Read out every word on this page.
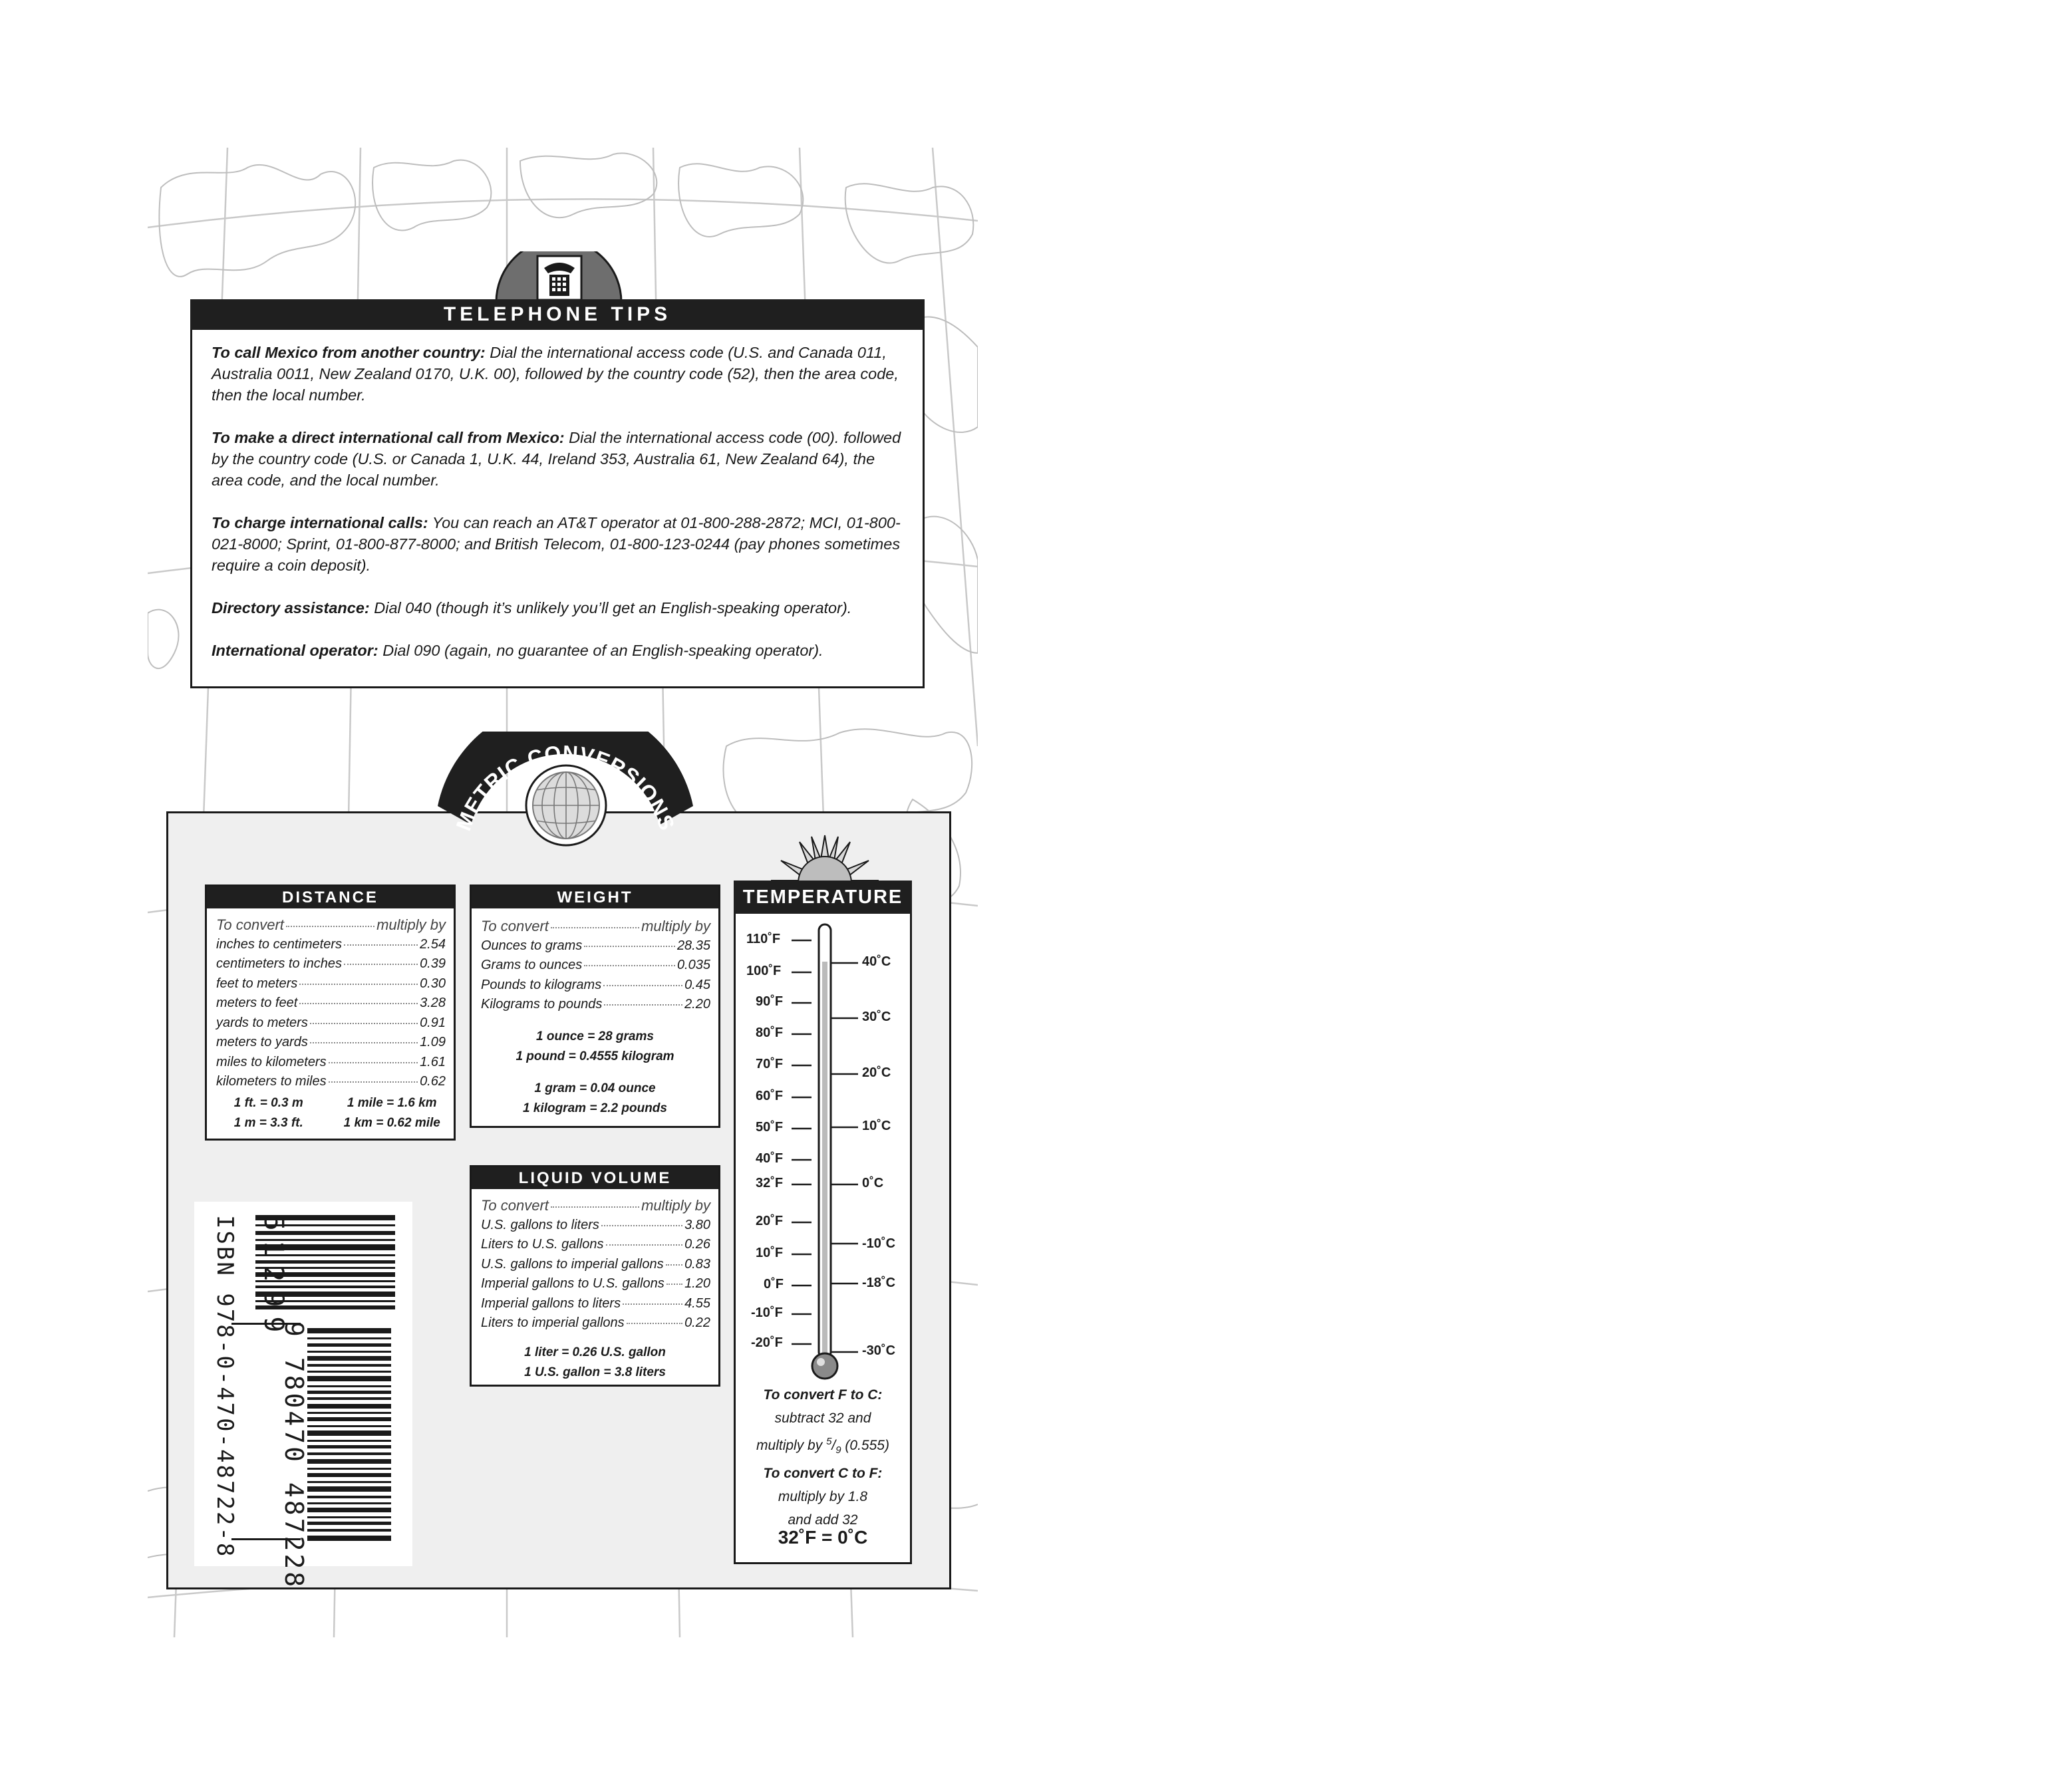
TELEPHONE TIPS

To call Mexico from another country: Dial the international access code (U.S. and Canada 011, Australia 0011, New Zealand 0170, U.K. 00), followed by the country code (52), then the area code, then the local number.

To make a direct international call from Mexico: Dial the international access code (00). followed by the country code (U.S. or Canada 1, U.K. 44, Ireland 353, Australia 61, New Zealand 64), the area code, and the local number.

To charge international calls: You can reach an AT&T operator at 01-800-288-2872; MCI, 01-800-021-8000; Sprint, 01-800-877-8000; and British Telecom, 01-800-123-0244 (pay phones sometimes require a coin deposit).

Directory assistance: Dial 040 (though it’s unlikely you’ll get an English-speaking operator).

International operator: Dial 090 (again, no guarantee of an English-speaking operator).

METRIC CONVERSIONS
DISTANCE
To convert	multiply by
inches to centimeters	2.54
centimeters to inches	0.39
feet to meters	0.30
meters to feet	3.28
yards to meters	0.91
meters to yards	1.09
miles to kilometers	1.61
kilometers to miles	0.62
1 ft. = 0.3 m	1 mile = 1.6 km
1 m = 3.3 ft.	1 km = 0.62 mile
WEIGHT
To convert	multiply by
Ounces to grams	28.35
Grams to ounces	0.035
Pounds to kilograms	0.45
Kilograms to pounds	2.20
1 ounce = 28 grams
1 pound = 0.4555 kilogram
1 gram = 0.04 ounce
1 kilogram = 2.2 pounds
LIQUID VOLUME
To convert	multiply by
U.S. gallons to liters	3.80
Liters to U.S. gallons	0.26
U.S. gallons to imperial gallons 0.83
Imperial gallons to U.S. gallons 1.20
Imperial gallons to liters	4.55
Liters to imperial gallons	0.22
1 liter = 0.26 U.S. gallon
1 U.S. gallon = 3.8 liters
TEMPERATURE
110˚F
100˚F
90˚F
80˚F
70˚F
60˚F
50˚F
40˚F
32˚F
20˚F
10˚F
0˚F
-10˚F
-20˚F
40˚C
30˚C
20˚C
10˚C
0˚C
-10˚C
-18˚C
-30˚C
To convert F to C:
subtract 32 and
multiply by $^5/_9$ (0.555)
To convert C to F:
multiply by 1.8
and add 32
32˚F = 0˚C
51299
ISBN 978-0-470-48722-8 9 780470 487228
